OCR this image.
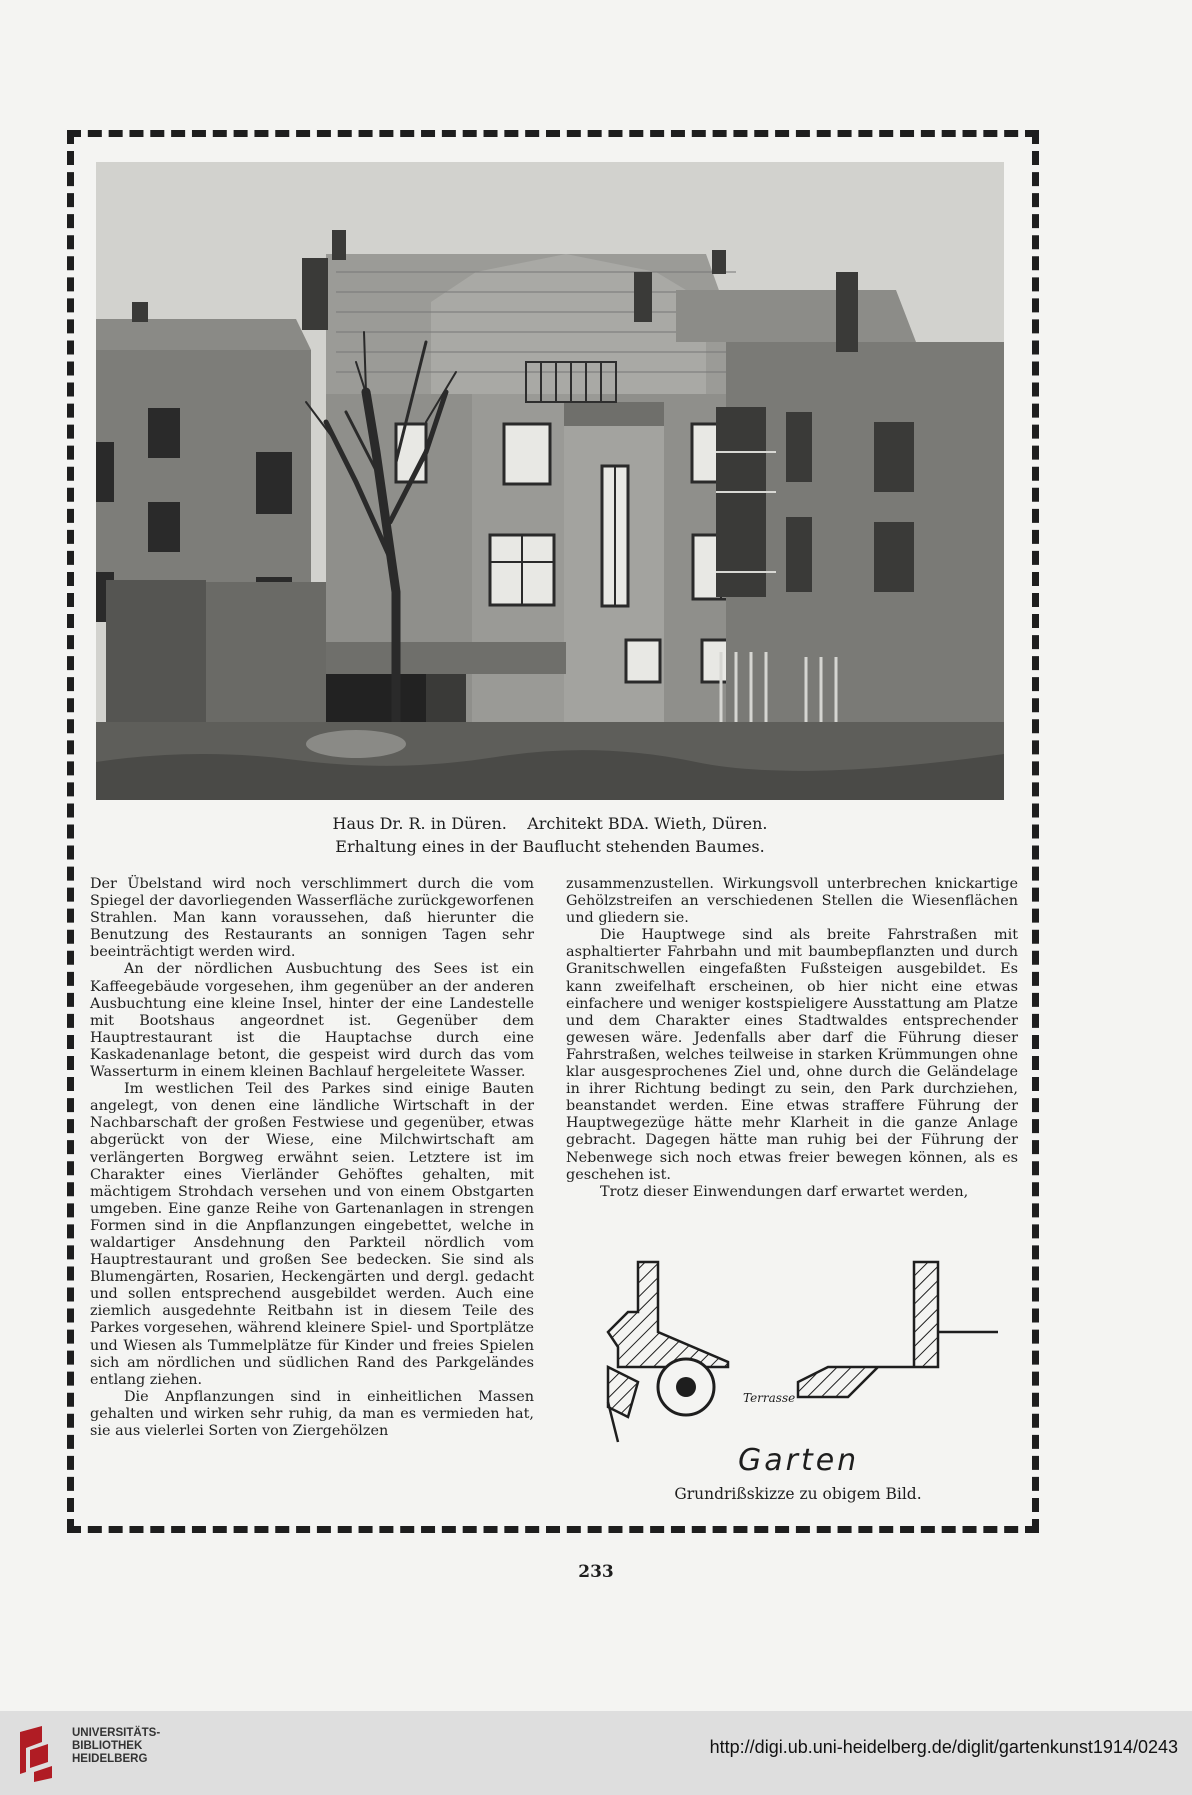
Haus Dr. R. in Düren.    Architekt BDA. Wieth, Düren.
Erhaltung eines in der Bauflucht stehenden Baumes.

Der Übelstand wird noch verschlimmert durch die vom Spiegel der davorliegenden Wasserfläche zurückgeworfenen Strahlen. Man kann voraussehen, daß hierunter die Benutzung des Restaurants an sonnigen Tagen sehr beeinträchtigt werden wird.

An der nördlichen Ausbuchtung des Sees ist ein Kaffeegebäude vorgesehen, ihm gegenüber an der anderen Ausbuchtung eine kleine Insel, hinter der eine Landestelle mit Bootshaus angeordnet ist. Gegenüber dem Hauptrestaurant ist die Hauptachse durch eine Kaskadenanlage betont, die gespeist wird durch das vom Wasserturm in einem kleinen Bachlauf hergeleitete Wasser.

Im westlichen Teil des Parkes sind einige Bauten angelegt, von denen eine ländliche Wirtschaft in der Nachbarschaft der großen Festwiese und gegenüber, etwas abgerückt von der Wiese, eine Milchwirtschaft am verlängerten Borgweg erwähnt seien. Letztere ist im Charakter eines Vierländer Gehöftes gehalten, mit mächtigem Strohdach versehen und von einem Obstgarten umgeben. Eine ganze Reihe von Gartenanlagen in strengen Formen sind in die Anpflanzungen eingebettet, welche in waldartiger Ansdehnung den Parkteil nördlich vom Hauptrestaurant und großen See bedecken. Sie sind als Blumengärten, Rosarien, Heckengärten und dergl. gedacht und sollen entsprechend ausgebildet werden. Auch eine ziemlich ausgedehnte Reitbahn ist in diesem Teile des Parkes vorgesehen, während kleinere Spiel- und Sportplätze und Wiesen als Tummelplätze für Kinder und freies Spielen sich am nördlichen und südlichen Rand des Parkgeländes entlang ziehen.

Die Anpflanzungen sind in einheitlichen Massen gehalten und wirken sehr ruhig, da man es vermieden hat, sie aus vielerlei Sorten von Ziergehölzen

zusammenzustellen. Wirkungsvoll unterbrechen knickartige Gehölzstreifen an verschiedenen Stellen die Wiesenflächen und gliedern sie.

Die Hauptwege sind als breite Fahrstraßen mit asphaltierter Fahrbahn und mit baumbepflanzten und durch Granitschwellen eingefaßten Fußsteigen ausgebildet. Es kann zweifelhaft erscheinen, ob hier nicht eine etwas einfachere und weniger kostspieligere Ausstattung am Platze und dem Charakter eines Stadtwaldes entsprechender gewesen wäre. Jedenfalls aber darf die Führung dieser Fahrstraßen, welches teilweise in starken Krümmungen ohne klar ausgesprochenes Ziel und, ohne durch die Geländelage in ihrer Richtung bedingt zu sein, den Park durchziehen, beanstandet werden. Eine etwas straffere Führung der Hauptwegezüge hätte mehr Klarheit in die ganze Anlage gebracht. Dagegen hätte man ruhig bei der Führung der Nebenwege sich noch etwas freier bewegen können, als es geschehen ist.

Trotz dieser Einwendungen darf erwartet werden,

Terrasse
Garten
Grundrißskizze zu obigem Bild.
233
UNIVERSITÄTS-
BIBLIOTHEK
HEIDELBERG
http://digi.ub.uni-heidelberg.de/diglit/gartenkunst1914/0243
